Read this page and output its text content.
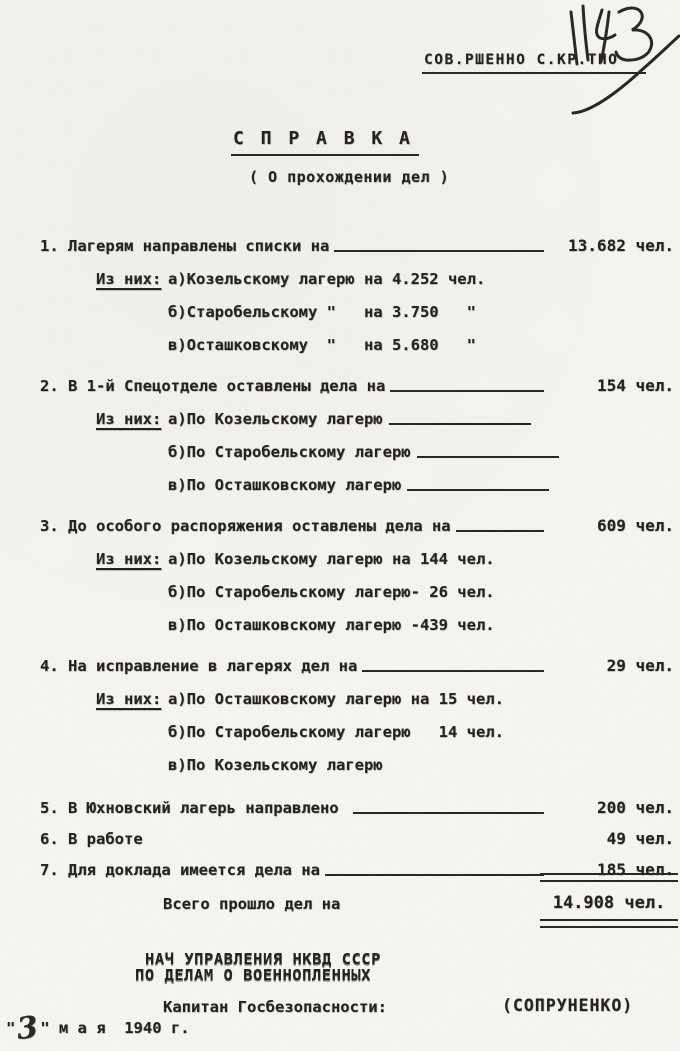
СОВ.РШЕННО С.КР.ТНО
С П Р А В К А
( О прохождении дел )
1. Лагерям направлены списки на	13.682 чел.
Из них: а)Козельскому лагерю на 4.252 чел.
б)Старобельскому "   на 3.750   "
в)Осташковскому  "   на 5.680   "
2. В 1-й Спецотделе оставлены дела на	154 чел.
Из них: а)По Козельскому лагерю
б)По Старобельскому лагерю
в)По Осташковскому лагерю
3. До особого распоряжения оставлены дела на	609 чел.
Из них: а)По Козельскому лагерю на 144 чел.
б)По Старобельскому лагерю- 26 чел.
в)По Осташковскому лагерю -439 чел.
4. На исправление в лагерях дел на	29 чел.
Из них: а)По Осташковскому лагерю на 15 чел.
б)По Старобельскому лагерю   14 чел.
в)По Козельскому лагерю
5. В Юхновский лагерь направлено	200 чел.
6. В работе	49 чел.
7. Для доклада имеется дела на	185 чел.
Всего прошло дел на	14.908 чел.
НАЧ УПРАВЛЕНИЯ НКВД СССР
ПО ДЕЛАМ О ВОЕННОПЛЕННЫХ
Капитан Госбезопасности:	(СОПРУНЕНКО)
" 3 " м а я  1940 г.
